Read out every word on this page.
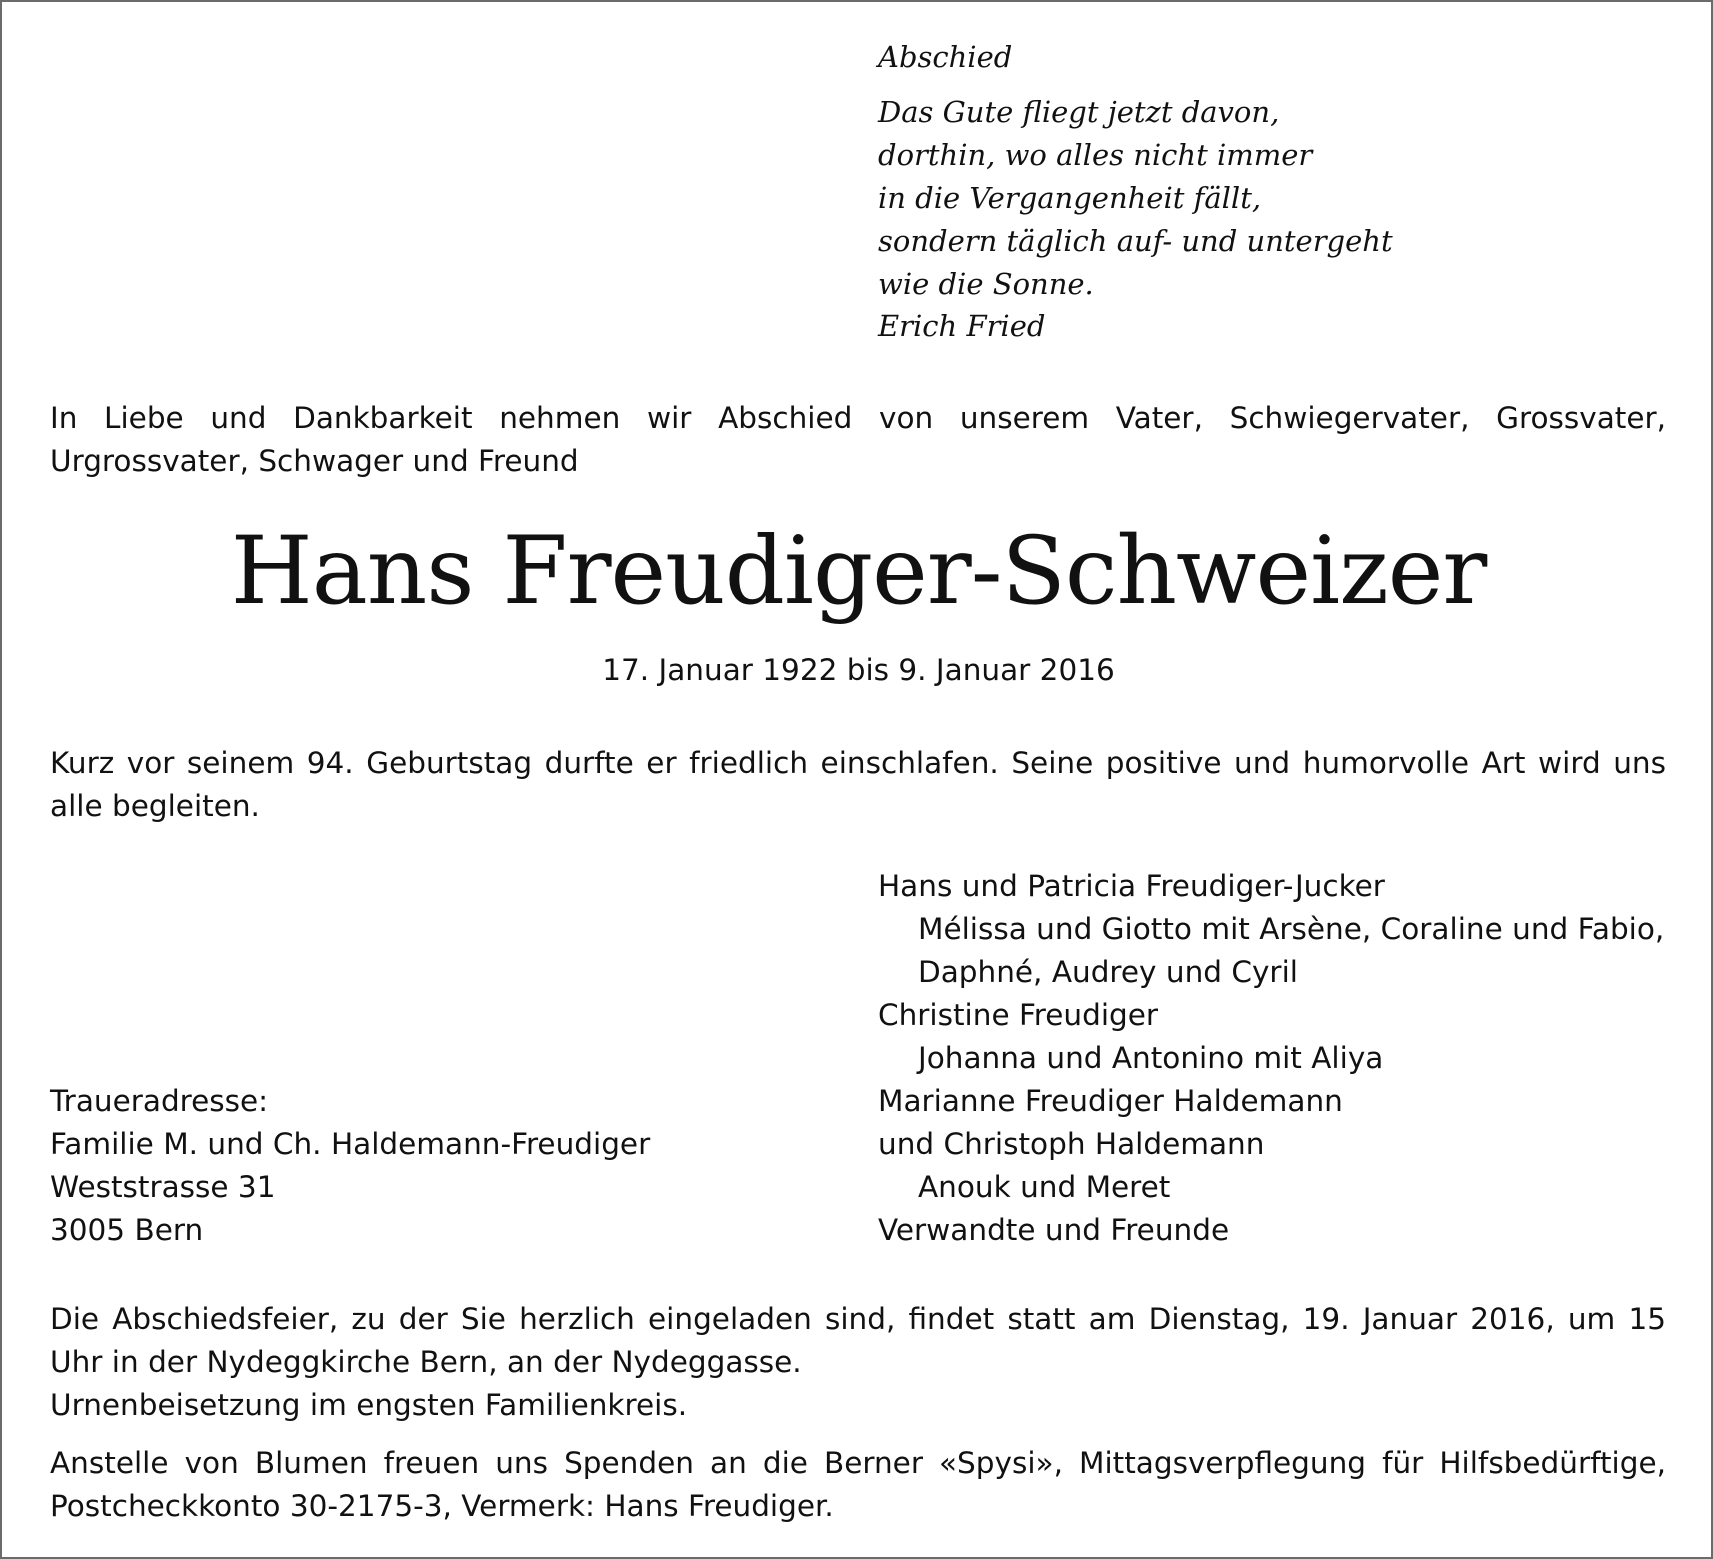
Abschied
Das Gute fliegt jetzt davon,
dorthin, wo alles nicht immer
in die Vergangenheit fällt,
sondern täglich auf- und untergeht
wie die Sonne.
Erich Fried
In Liebe und Dankbarkeit nehmen wir Abschied von unserem Vater, Schwiegervater, Grossvater, Urgrossvater, Schwager und Freund
Hans Freudiger-Schweizer
17. Januar 1922 bis 9. Januar 2016
Kurz vor seinem 94. Geburtstag durfte er friedlich einschlafen. Seine positive und humorvolle Art wird uns alle begleiten.
Hans und Patricia Freudiger-Jucker
Mélissa und Giotto mit Arsène, Coraline und Fabio,
Daphné, Audrey und Cyril
Christine Freudiger
Johanna und Antonino mit Aliya
Marianne Freudiger Haldemann
und Christoph Haldemann
Anouk und Meret
Verwandte und Freunde
Traueradresse:
Familie M. und Ch. Haldemann-Freudiger
Weststrasse 31
3005 Bern
Die Abschiedsfeier, zu der Sie herzlich eingeladen sind, findet statt am Dienstag, 19. Januar 2016, um 15 Uhr in der Nydeggkirche Bern, an der Nydeggasse.
Urnenbeisetzung im engsten Familienkreis.
Anstelle von Blumen freuen uns Spenden an die Berner «Spysi», Mittagsverpflegung für Hilfsbedürftige, Postcheckkonto 30-2175-3, Vermerk: Hans Freudiger.
